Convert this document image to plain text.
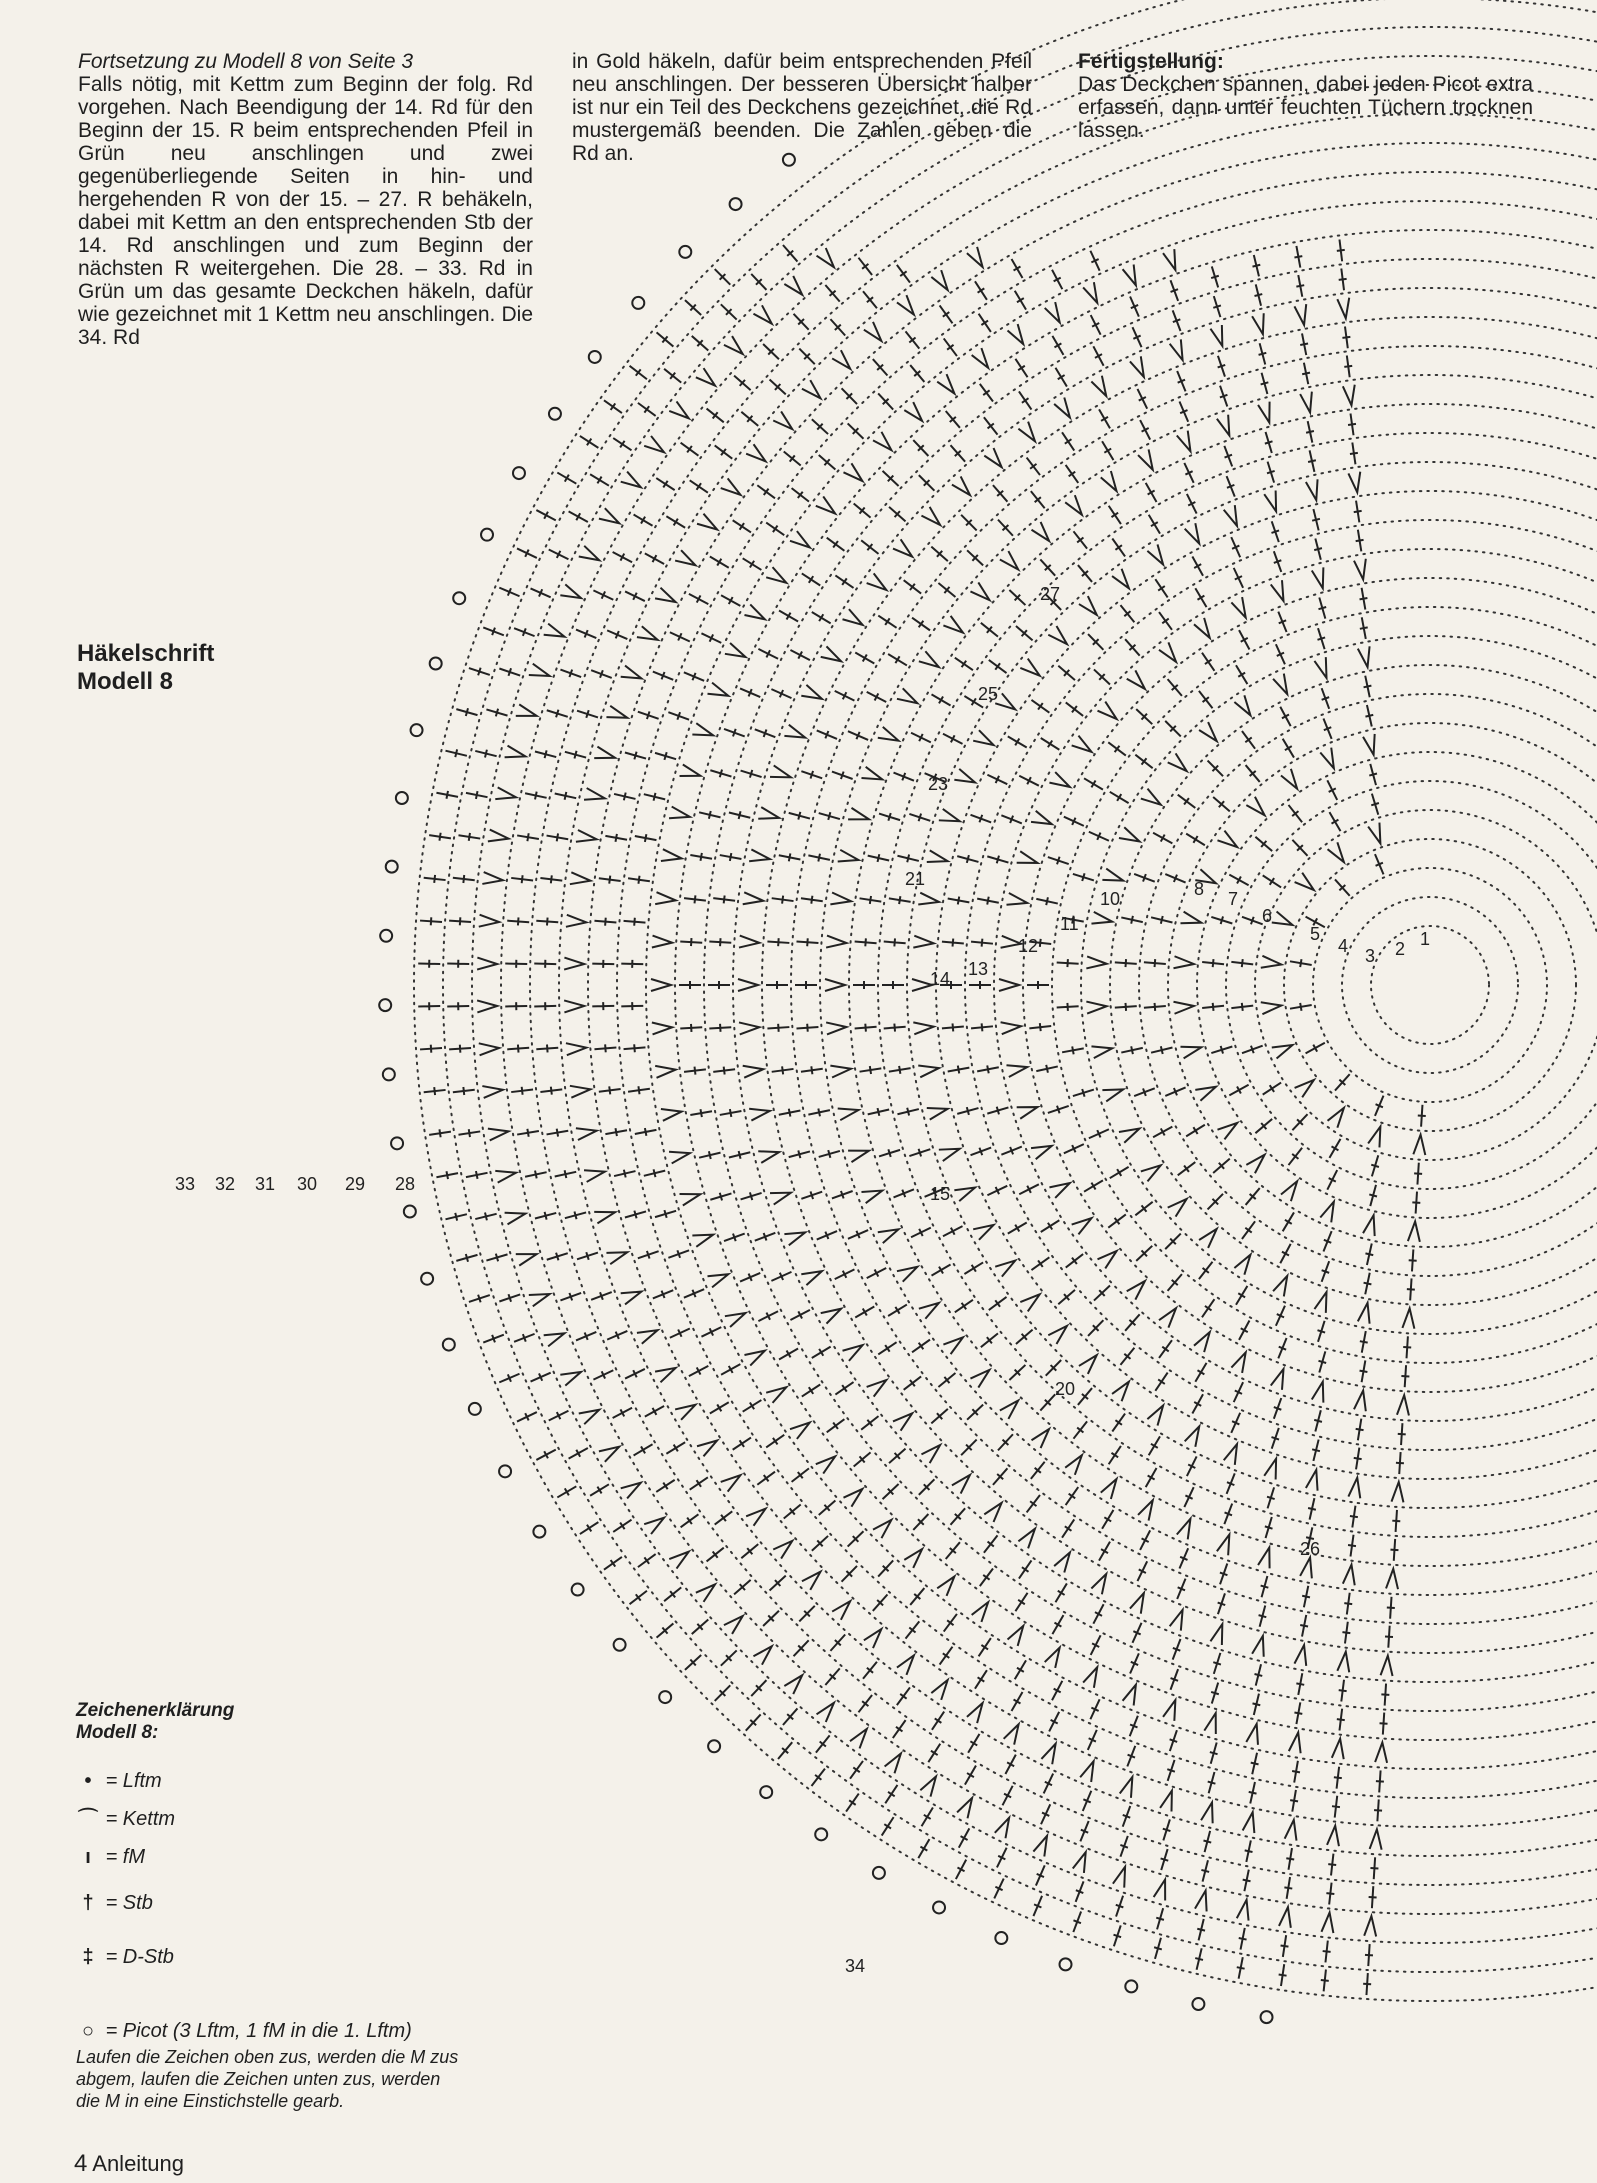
Fortsetzung zu Modell 8 von Seite 3

Falls nötig, mit Kettm zum Beginn der folg. Rd vorgehen. Nach Beendigung der 14. Rd für den Beginn der 15. R beim entsprechenden Pfeil in Grün neu anschlingen und zwei gegenüberliegende Seiten in hin- und hergehenden R von der 15. – 27. R behäkeln, dabei mit Kettm an den entsprechenden Stb der 14. Rd anschlingen und zum Beginn der nächsten R weitergehen. Die 28. – 33. Rd in Grün um das gesamte Deckchen häkeln, dafür wie gezeichnet mit 1 Kettm neu anschlingen. Die 34. Rd

in Gold häkeln, dafür beim entsprechenden Pfeil neu anschlingen. Der besseren Übersicht halber ist nur ein Teil des Deckchens gezeichnet, die Rd mustergemäß beenden. Die Zahlen geben die Rd an.

Fertigstellung:

Das Deckchen spannen, dabei jeden Picot extra erfassen, dann unter feuchten Tüchern trocknen lassen.

1
2
3
4
5
6
7
8
10
11
12
13
14
15
20
21
23
25
26
27
28
29
30
31
32
33
34
Häkelschrift
Modell 8
Zeichenerklärung
Modell 8:
• = Lftm
⌒ = Kettm
ı = fM
† = Stb
‡ = D-Stb
○ = Picot (3 Lftm, 1 fM in die 1. Lftm)
Laufen die Zeichen oben zus, werden die M zus abgem, laufen die Zeichen unten zus, werden die M in eine Einstichstelle gearb.
4 Anleitung
